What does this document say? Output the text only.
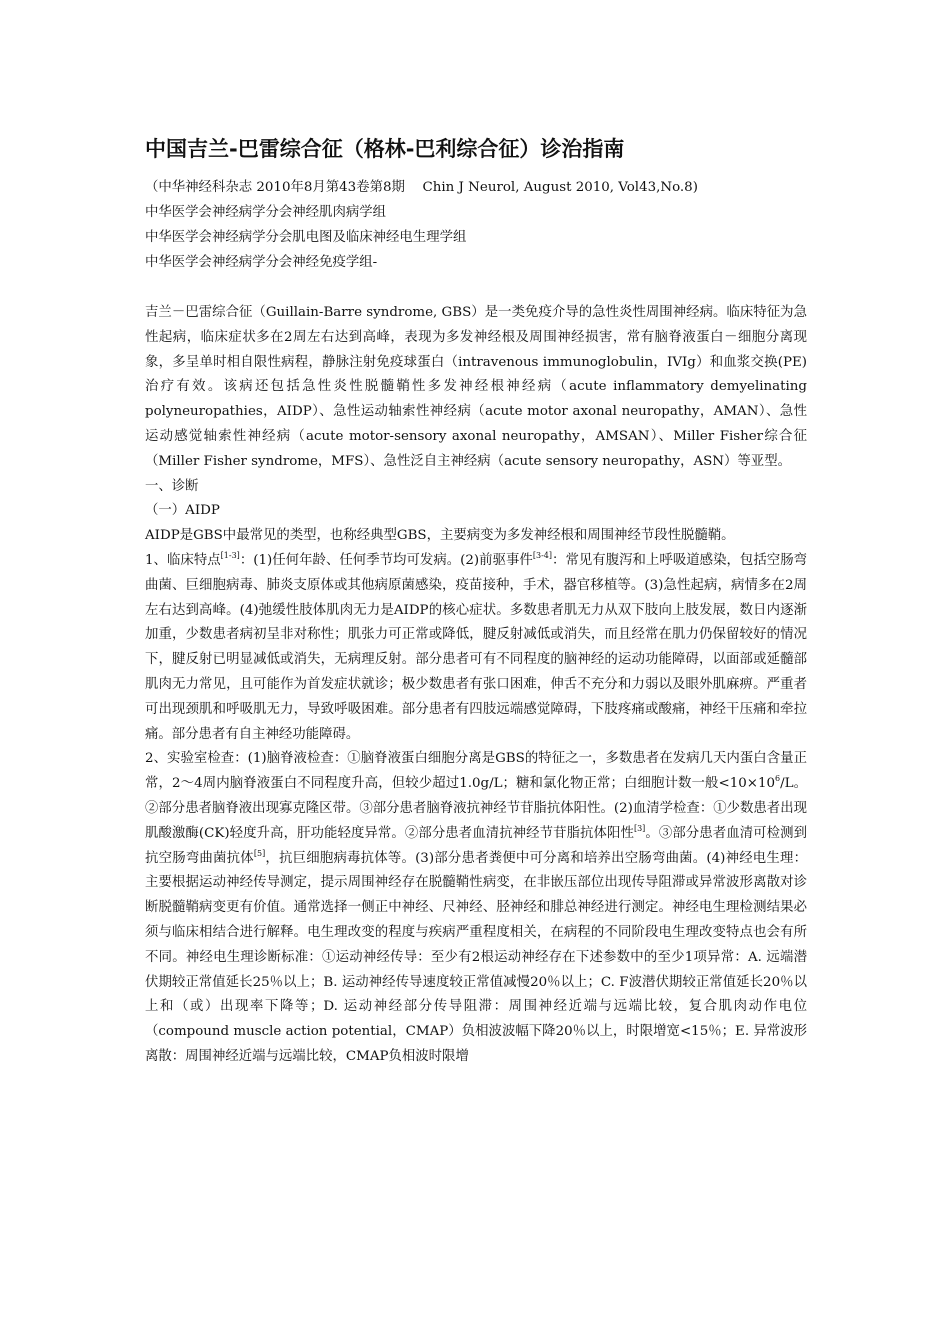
中国吉兰-巴雷综合征（格林-巴利综合征）诊治指南
（中华神经科杂志 2010年8月第43卷第8期　 Chin J Neurol, August 2010, Vol43,No.8)
中华医学会神经病学分会神经肌肉病学组
中华医学会神经病学分会肌电图及临床神经电生理学组
中华医学会神经病学分会神经免疫学组-

吉兰－巴雷综合征（Guillain-Barre syndrome, GBS）是一类免疫介导的急性炎性周围神经病。临床特征为急性起病，临床症状多在2周左右达到高峰，表现为多发神经根及周围神经损害，常有脑脊液蛋白－细胞分离现象，多呈单时相自限性病程，静脉注射免疫球蛋白（intravenous immunoglobulin，IVIg）和血浆交换(PE)治疗有效。该病还包括急性炎性脱髓鞘性多发神经根神经病（acute inflammatory demyelinating polyneuropathies，AIDP）、急性运动轴索性神经病（acute motor axonal neuropathy，AMAN）、急性运动感觉轴索性神经病（acute motor-sensory axonal neuropathy，AMSAN）、Miller Fisher综合征（Miller Fisher syndrome，MFS）、急性泛自主神经病（acute sensory neuropathy，ASN）等亚型。

一、诊断

（一）AIDP

AIDP是GBS中最常见的类型，也称经典型GBS，主要病变为多发神经根和周围神经节段性脱髓鞘。

1、临床特点[1-3]：(1)任何年龄、任何季节均可发病。(2)前驱事件[3-4]：常见有腹泻和上呼吸道感染，包括空肠弯曲菌、巨细胞病毒、肺炎支原体或其他病原菌感染，疫苗接种，手术，器官移植等。(3)急性起病，病情多在2周左右达到高峰。(4)弛缓性肢体肌肉无力是AIDP的核心症状。多数患者肌无力从双下肢向上肢发展，数日内逐渐加重，少数患者病初呈非对称性；肌张力可正常或降低，腱反射减低或消失，而且经常在肌力仍保留较好的情况下，腱反射已明显减低或消失，无病理反射。部分患者可有不同程度的脑神经的运动功能障碍，以面部或延髓部肌肉无力常见，且可能作为首发症状就诊；极少数患者有张口困难，伸舌不充分和力弱以及眼外肌麻痹。严重者可出现颈肌和呼吸肌无力，导致呼吸困难。部分患者有四肢远端感觉障碍，下肢疼痛或酸痛，神经干压痛和牵拉痛。部分患者有自主神经功能障碍。

2、实验室检查：(1)脑脊液检查：①脑脊液蛋白细胞分离是GBS的特征之一，多数患者在发病几天内蛋白含量正常，2～4周内脑脊液蛋白不同程度升高，但较少超过1.0g/L；糖和氯化物正常；白细胞计数一般$<10\times 10^6/L$。②部分患者脑脊液出现寡克隆区带。③部分患者脑脊液抗神经节苷脂抗体阳性。(2)血清学检查：①少数患者出现肌酸激酶(CK)轻度升高，肝功能轻度异常。②部分患者血清抗神经节苷脂抗体阳性[3]。③部分患者血清可检测到抗空肠弯曲菌抗体[5]，抗巨细胞病毒抗体等。(3)部分患者粪便中可分离和培养出空肠弯曲菌。(4)神经电生理：主要根据运动神经传导测定，提示周围神经存在脱髓鞘性病变，在非嵌压部位出现传导阻滞或异常波形离散对诊断脱髓鞘病变更有价值。通常选择一侧正中神经、尺神经、胫神经和腓总神经进行测定。神经电生理检测结果必须与临床相结合进行解释。电生理改变的程度与疾病严重程度相关，在病程的不同阶段电生理改变特点也会有所不同。神经电生理诊断标准：①运动神经传导：至少有2根运动神经存在下述参数中的至少1项异常：A. 远端潜伏期较正常值延长25％以上；B. 运动神经传导速度较正常值减慢20％以上；C. F波潜伏期较正常值延长20％以上和（或）出现率下降等；D. 运动神经部分传导阻滞：周围神经近端与远端比较，复合肌肉动作电位（compound muscle action potential，CMAP）负相波波幅下降20％以上，时限增宽<15％；E. 异常波形离散：周围神经近端与远端比较，CMAP负相波时限增
